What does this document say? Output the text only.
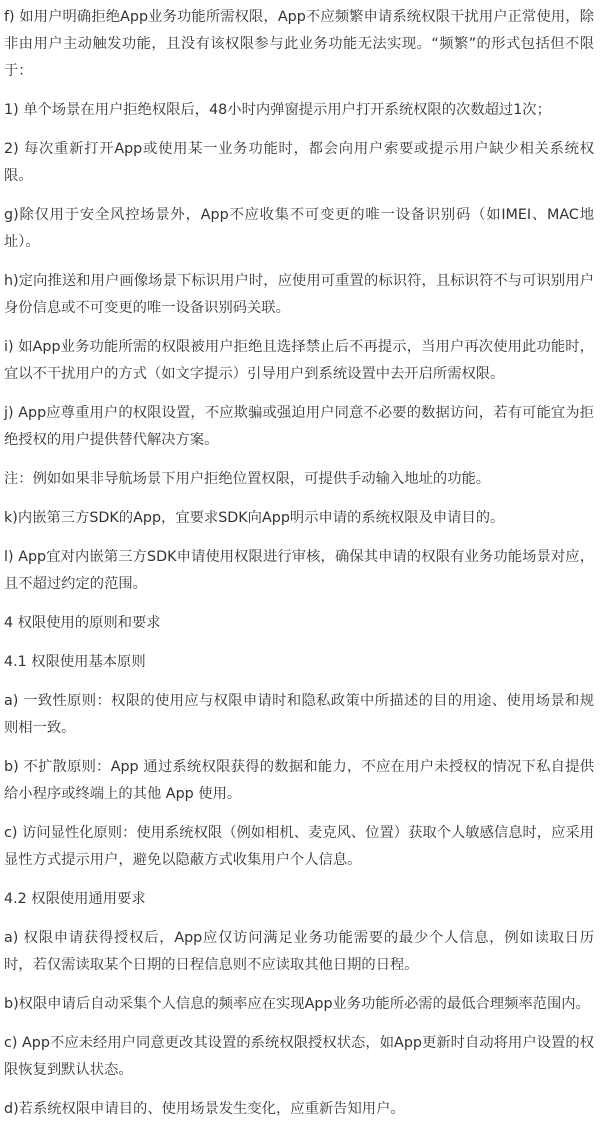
f) 如用户明确拒绝App业务功能所需权限，App不应频繁申请系统权限干扰用户正常使用，除非由用户主动触发功能，且没有该权限参与此业务功能无法实现。“频繁”的形式包括但不限于：

1) 单个场景在用户拒绝权限后，48小时内弹窗提示用户打开系统权限的次数超过1次；

2) 每次重新打开App或使用某一业务功能时，都会向用户索要或提示用户缺少相关系统权限。

g)除仅用于安全风控场景外，App不应收集不可变更的唯一设备识别码（如IMEI、MAC地址）。

h)定向推送和用户画像场景下标识用户时，应使用可重置的标识符，且标识符不与可识别用户身份信息或不可变更的唯一设备识别码关联。

i) 如App业务功能所需的权限被用户拒绝且选择禁止后不再提示，当用户再次使用此功能时，宜以不干扰用户的方式（如文字提示）引导用户到系统设置中去开启所需权限。

j) App应尊重用户的权限设置，不应欺骗或强迫用户同意不必要的数据访问，若有可能宜为拒绝授权的用户提供替代解决方案。

注：例如如果非导航场景下用户拒绝位置权限，可提供手动输入地址的功能。

k)内嵌第三方SDK的App，宜要求SDK向App明示申请的系统权限及申请目的。

l) App宜对内嵌第三方SDK申请使用权限进行审核，确保其申请的权限有业务功能场景对应，且不超过约定的范围。

4 权限使用的原则和要求

4.1 权限使用基本原则

a) 一致性原则：权限的使用应与权限申请时和隐私政策中所描述的目的用途、使用场景和规则相一致。

b) 不扩散原则：App 通过系统权限获得的数据和能力，不应在用户未授权的情况下私自提供给小程序或终端上的其他 App 使用。

c) 访问显性化原则：使用系统权限（例如相机、麦克风、位置）获取个人敏感信息时，应采用显性方式提示用户，避免以隐蔽方式收集用户个人信息。

4.2 权限使用通用要求

a) 权限申请获得授权后，App应仅访问满足业务功能需要的最少个人信息，例如读取日历时，若仅需读取某个日期的日程信息则不应读取其他日期的日程。

b)权限申请后自动采集个人信息的频率应在实现App业务功能所必需的最低合理频率范围内。

c) App不应未经用户同意更改其设置的系统权限授权状态，如App更新时自动将用户设置的权限恢复到默认状态。

d)若系统权限申请目的、使用场景发生变化，应重新告知用户。
